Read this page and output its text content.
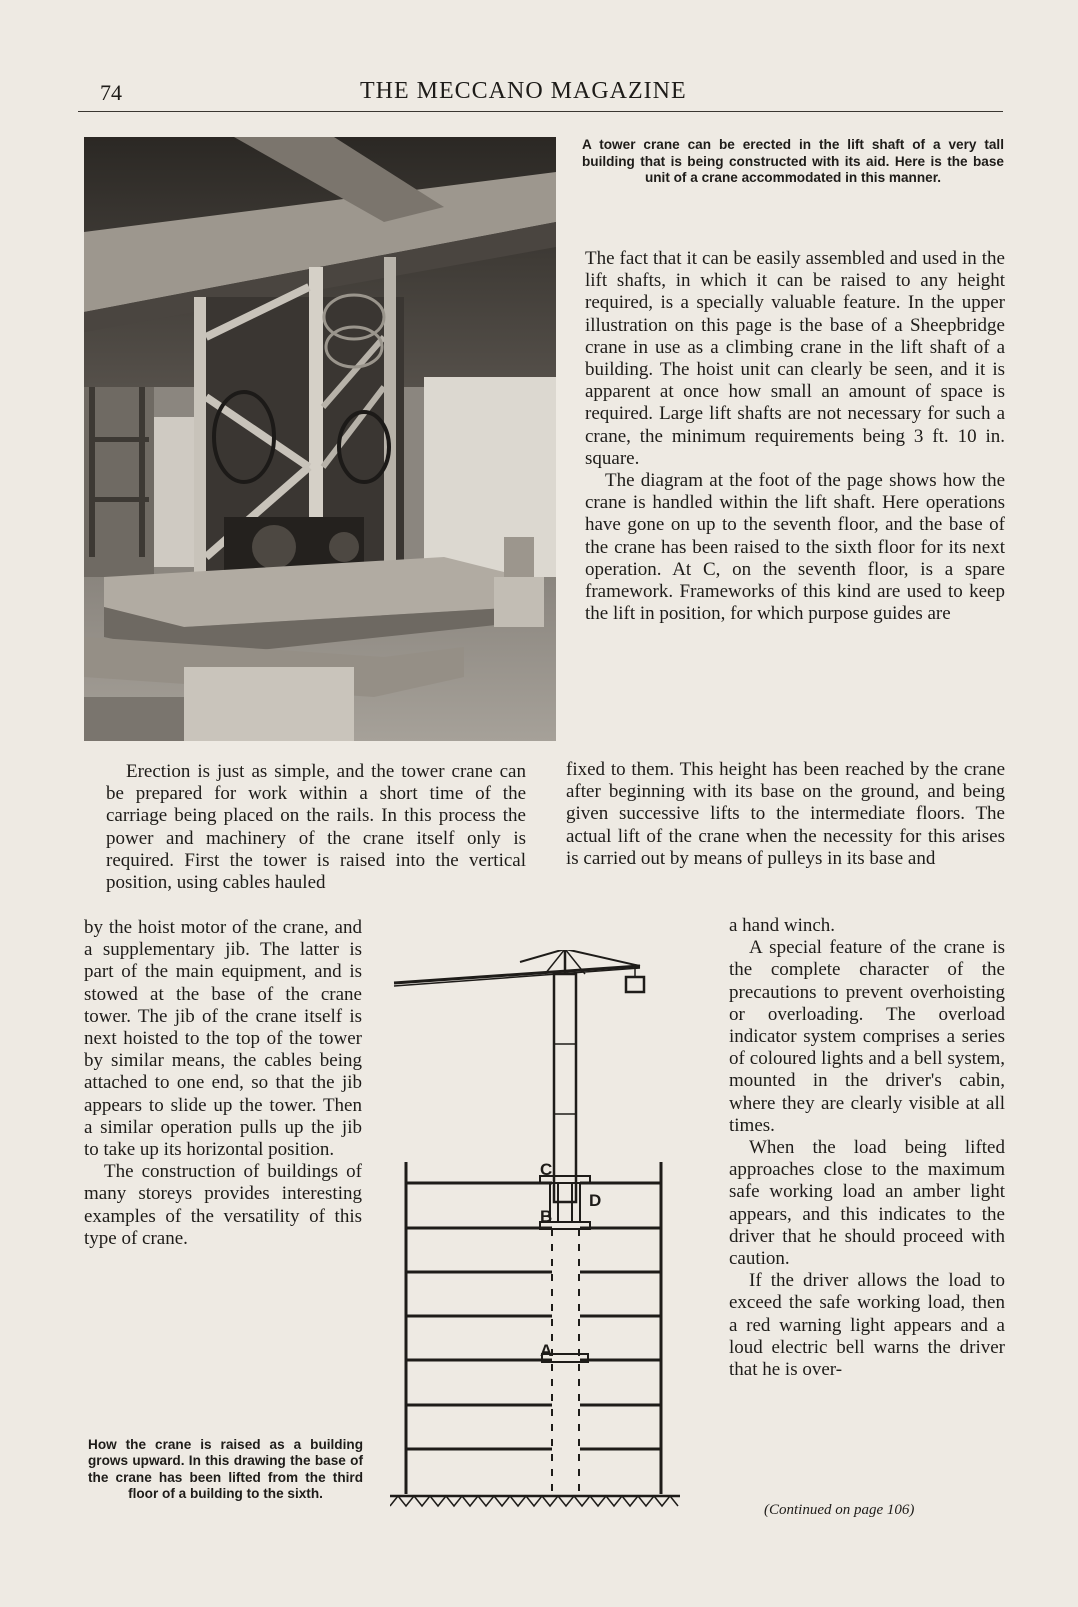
74	THE MECCANO MAGAZINE

A tower crane can be erected in the lift shaft of a very tall building that is being constructed with its aid. Here is the base unit of a crane accommodated in this manner.

The fact that it can be easily assembled and used in the lift shafts, in which it can be raised to any height required, is a specially valuable feature. In the upper illustration on this page is the base of a Sheepbridge crane in use as a climbing crane in the lift shaft of a building. The hoist unit can clearly be seen, and it is apparent at once how small an amount of space is required. Large lift shafts are not necessary for such a crane, the minimum requirements being 3 ft. 10 in. square.

The diagram at the foot of the page shows how the crane is handled within the lift shaft. Here operations have gone on up to the seventh floor, and the base of the crane has been raised to the sixth floor for its next operation. At C, on the seventh floor, is a spare framework. Frameworks of this kind are used to keep the lift in position, for which purpose guides are

Erection is just as simple, and the tower crane can be prepared for work within a short time of the carriage being placed on the rails. In this process the power and machinery of the crane itself only is required. First the tower is raised into the vertical position, using cables hauled

fixed to them. This height has been reached by the crane after beginning with its base on the ground, and being given successive lifts to the intermediate floors. The actual lift of the crane when the necessity for this arises is carried out by means of pulleys in its base and

by the hoist motor of the crane, and a supplementary jib. The latter is part of the main equipment, and is stowed at the base of the crane tower. The jib of the crane itself is next hoisted to the top of the tower by similar means, the cables being attached to one end, so that the jib appears to slide up the tower. Then a similar operation pulls up the jib to take up its horizontal position.

The construction of buildings of many storeys provides interesting examples of the versatility of this type of crane.

a hand winch.

A special feature of the crane is the complete character of the precautions to prevent overhoisting or overloading. The overload indicator system comprises a series of coloured lights and a bell system, mounted in the driver's cabin, where they are clearly visible at all times.

When the load being lifted approaches close to the maximum safe working load an amber light appears, and this indicates to the driver that he should proceed with caution.

If the driver allows the load to exceed the safe working load, then a red warning light appears and a loud electric bell warns the driver that he is over-

C
D
B
A

How the crane is raised as a building grows upward. In this drawing the base of the crane has been lifted from the third floor of a building to the sixth.

(Continued on page 106)
